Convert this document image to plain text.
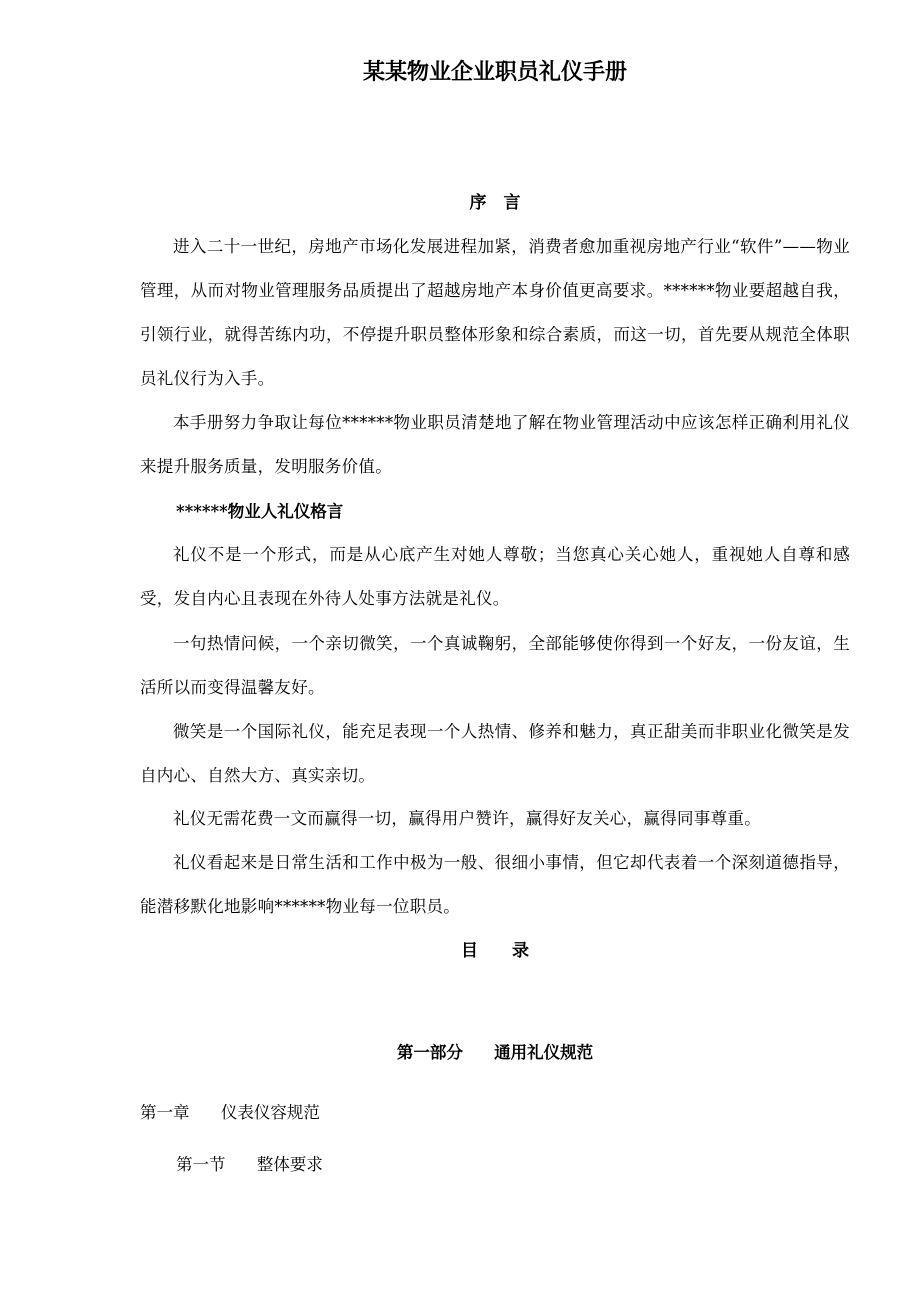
某某物业企业职员礼仪手册
序　言

进入二十一世纪，房地产市场化发展进程加紧，消费者愈加重视房地产行业“软件”——物业管理，从而对物业管理服务品质提出了超越房地产本身价值更高要求。******物业要超越自我，引领行业，就得苦练内功，不停提升职员整体形象和综合素质，而这一切，首先要从规范全体职员礼仪行为入手。

本手册努力争取让每位******物业职员清楚地了解在物业管理活动中应该怎样正确利用礼仪来提升服务质量，发明服务价值。

******物业人礼仪格言

礼仪不是一个形式，而是从心底产生对她人尊敬；当您真心关心她人，重视她人自尊和感受，发自内心且表现在外待人处事方法就是礼仪。

一句热情问候，一个亲切微笑，一个真诚鞠躬，全部能够使你得到一个好友，一份友谊，生活所以而变得温馨友好。

微笑是一个国际礼仪，能充足表现一个人热情、修养和魅力，真正甜美而非职业化微笑是发自内心、自然大方、真实亲切。

礼仪无需花费一文而赢得一切，赢得用户赞许，赢得好友关心，赢得同事尊重。

礼仪看起来是日常生活和工作中极为一般、很细小事情，但它却代表着一个深刻道德指导，能潜移默化地影响******物业每一位职员。

目　　录
第一部分 通用礼仪规范
第一章 仪表仪容规范
第一节 整体要求
